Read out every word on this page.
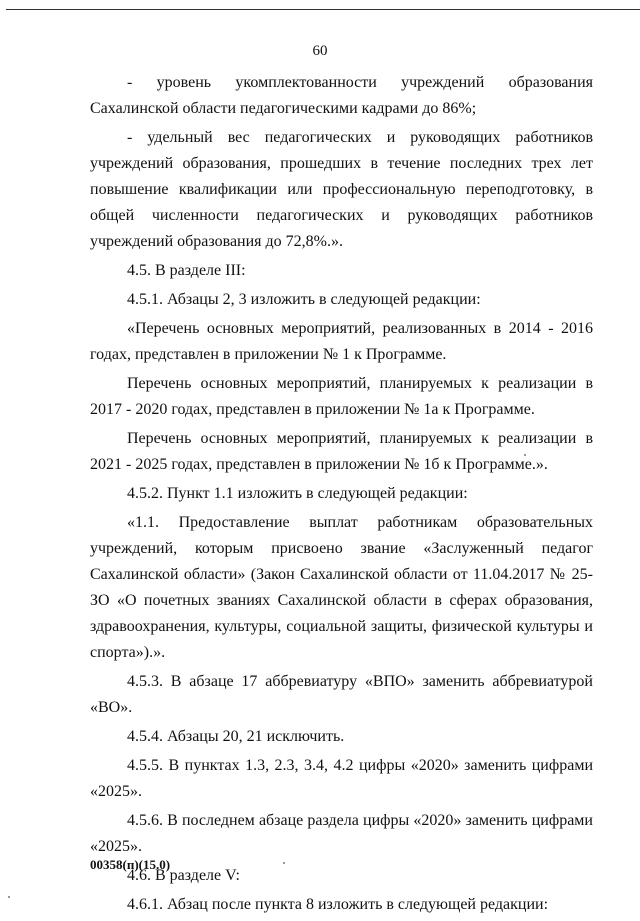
60

- уровень укомплектованности учреждений образования Сахалинской области педагогическими кадрами до 86%;

- удельный вес педагогических и руководящих работников учреждений образования, прошедших в течение последних трех лет повышение квалификации или профессиональную переподготовку, в общей численности педагогических и руководящих работников учреждений образования до 72,8%.».

4.5. В разделе III:

4.5.1. Абзацы 2, 3 изложить в следующей редакции:

«Перечень основных мероприятий, реализованных в 2014 - 2016 годах, представлен в приложении № 1 к Программе.

Перечень основных мероприятий, планируемых к реализации в 2017 - 2020 годах, представлен в приложении № 1а к Программе.

Перечень основных мероприятий, планируемых к реализации в 2021 - 2025 годах, представлен в приложении № 1б к Программе.».

4.5.2. Пункт 1.1 изложить в следующей редакции:

«1.1. Предоставление выплат работникам образовательных учреждений, которым присвоено звание «Заслуженный педагог Сахалинской области» (Закон Сахалинской области от 11.04.2017 № 25-ЗО «О почетных званиях Сахалинской области в сферах образования, здравоохранения, культуры, социальной защиты, физической культуры и спорта»).».

4.5.3. В абзаце 17 аббревиатуру «ВПО» заменить аббревиатурой «ВО».

4.5.4. Абзацы 20, 21 исключить.

4.5.5. В пунктах 1.3, 2.3, 3.4, 4.2 цифры «2020» заменить цифрами «2025».

4.5.6. В последнем абзаце раздела цифры «2020» заменить цифрами «2025».

4.6. В разделе V:

4.6.1. Абзац после пункта 8 изложить в следующей редакции:

00358(п)(15.0)
